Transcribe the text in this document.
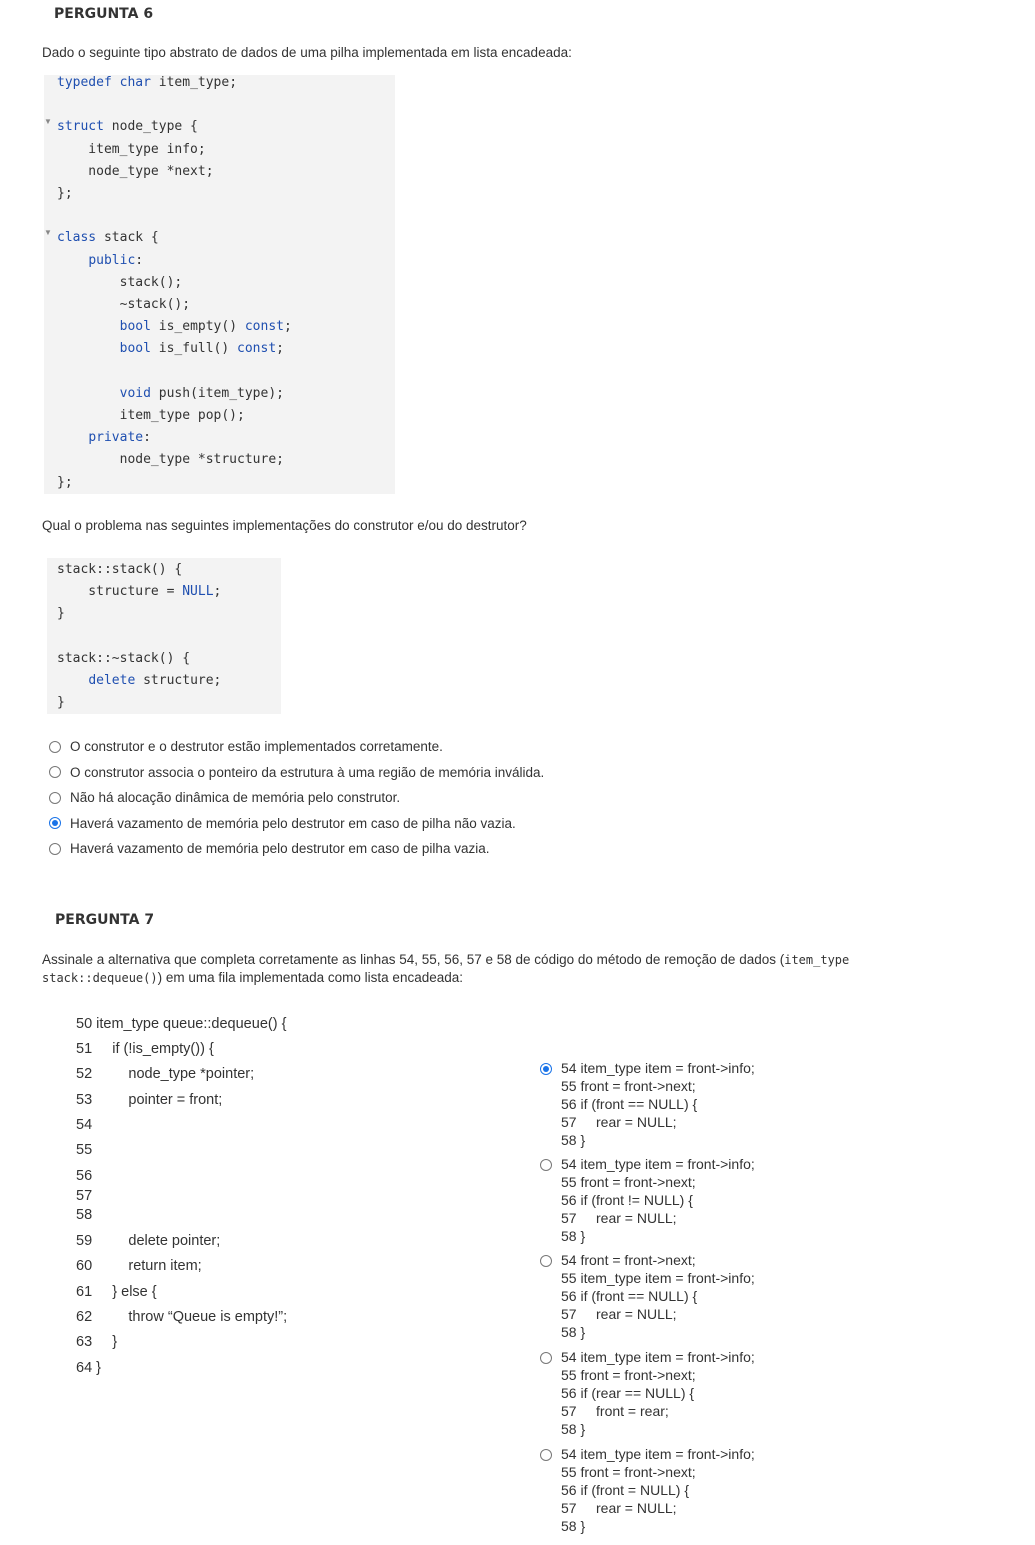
PERGUNTA 6
Dado o seguinte tipo abstrato de dados de uma pilha implementada em lista encadeada:
▼
▼
typedef char item_type;

struct node_type {
item_type info;
node_type *next;
};

class stack {
public:
stack();
~stack();
bool is_empty() const;
bool is_full() const;

void push(item_type);
item_type pop();
private:
node_type *structure;
};
Qual o problema nas seguintes implementações do construtor e/ou do destrutor?
stack::stack() {
structure = NULL;
}

stack::~stack() {
delete structure;
}
O construtor e o destrutor estão implementados corretamente.
O construtor associa o ponteiro da estrutura à uma região de memória inválida.
Não há alocação dinâmica de memória pelo construtor.
Haverá vazamento de memória pelo destrutor em caso de pilha não vazia.
Haverá vazamento de memória pelo destrutor em caso de pilha vazia.
PERGUNTA 7
Assinale a alternativa que completa corretamente as linhas 54, 55, 56, 57 e 58 de código do método de remoção de dados (item_type
stack::dequeue()) em uma fila implementada como lista encadeada:
50 item_type queue::dequeue() {
51     if (!is_empty()) {
52         node_type *pointer;
53         pointer = front;
54
55
56
57
58
59         delete pointer;
60         return item;
61     } else {
62         throw “Queue is empty!”;
63     }
64 }
54 item_type item = front->info;
55 front = front->next;
56 if (front == NULL) {
57     rear = NULL;
58 }
54 item_type item = front->info;
55 front = front->next;
56 if (front != NULL) {
57     rear = NULL;
58 }
54 front = front->next;
55 item_type item = front->info;
56 if (front == NULL) {
57     rear = NULL;
58 }
54 item_type item = front->info;
55 front = front->next;
56 if (rear == NULL) {
57     front = rear;
58 }
54 item_type item = front->info;
55 front = front->next;
56 if (front = NULL) {
57     rear = NULL;
58 }
